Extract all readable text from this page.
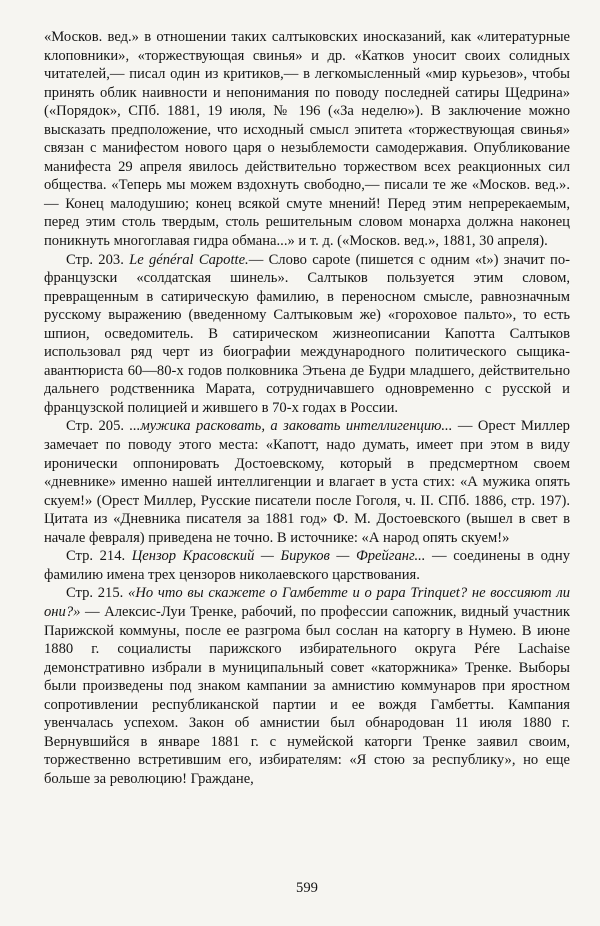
«Москов. вед.» в отношении таких салтыковских иносказаний, как «литературные клоповники», «торжествующая свинья» и др. «Катков уносит своих солидных читателей,— писал один из критиков,— в легкомысленный «мир курьезов», чтобы принять облик наивности и непонимания по поводу последней сатиры Щедрина» («Порядок», СПб. 1881, 19 июля, № 196 («За неделю»). В заключение можно высказать предположение, что исходный смысл эпитета «торжествующая свинья» связан с манифестом нового царя о незыблемости самодержавия. Опубликование манифеста 29 апреля явилось действительно торжеством всех реакционных сил общества. «Теперь мы можем вздохнуть свободно,— писали те же «Москов. вед.».— Конец малодушию; конец всякой смуте мнений! Перед этим непререкаемым, перед этим столь твердым, столь решительным словом монарха должна наконец поникнуть многоглавая гидра обмана...» и т. д. («Москов. вед.», 1881, 30 апреля).

Стр. 203. Le général Capotte.— Слово capote (пишется с одним «t») значит по-французски «солдатская шинель». Салтыков пользуется этим словом, превращенным в сатирическую фамилию, в переносном смысле, равнозначным русскому выражению (введенному Салтыковым же) «гороховое пальто», то есть шпион, осведомитель. В сатирическом жизнеописании Капотта Салтыков использовал ряд черт из биографии международного политического сыщика-авантюриста 60—80-х годов полковника Этьена де Будри младшего, действительно дальнего родственника Марата, сотрудничавшего одновременно с русской и французской полицией и жившего в 70-х годах в России.

Стр. 205. ...мужика расковать, а заковать интеллигенцию... — Орест Миллер замечает по поводу этого места: «Капотт, надо думать, имеет при этом в виду иронически оппонировать Достоевскому, который в предсмертном своем «дневнике» именно нашей интеллигенции и влагает в уста стих: «А мужика опять скуем!» (Орест Миллер, Русские писатели после Гоголя, ч. II. СПб. 1886, стр. 197). Цитата из «Дневника писателя за 1881 год» Ф. М. Достоевского (вышел в свет в начале февраля) приведена не точно. В источнике: «А народ опять скуем!»

Стр. 214. Цензор Красовский — Бируков — Фрейганг... — соединены в одну фамилию имена трех цензоров николаевского царствования.

Стр. 215. «Но что вы скажете о Гамбетте и о papa Trinquet? не воссияют ли они?» — Алексис-Луи Тренке, рабочий, по профессии сапожник, видный участник Парижской коммуны, после ее разгрома был сослан на каторгу в Нумею. В июне 1880 г. социалисты парижского избирательного округа Pére Lachaise демонстративно избрали в муниципальный совет «каторжника» Тренке. Выборы были произведены под знаком кампании за амнистию коммунаров при яростном сопротивлении республиканской партии и ее вождя Гамбетты. Кампания увенчалась успехом. Закон об амнистии был обнародован 11 июля 1880 г. Вернувшийся в январе 1881 г. с нумейской каторги Тренке заявил своим, торжественно встретившим его, избирателям: «Я стою за республику», но еще больше за революцию! Граждане,

599
